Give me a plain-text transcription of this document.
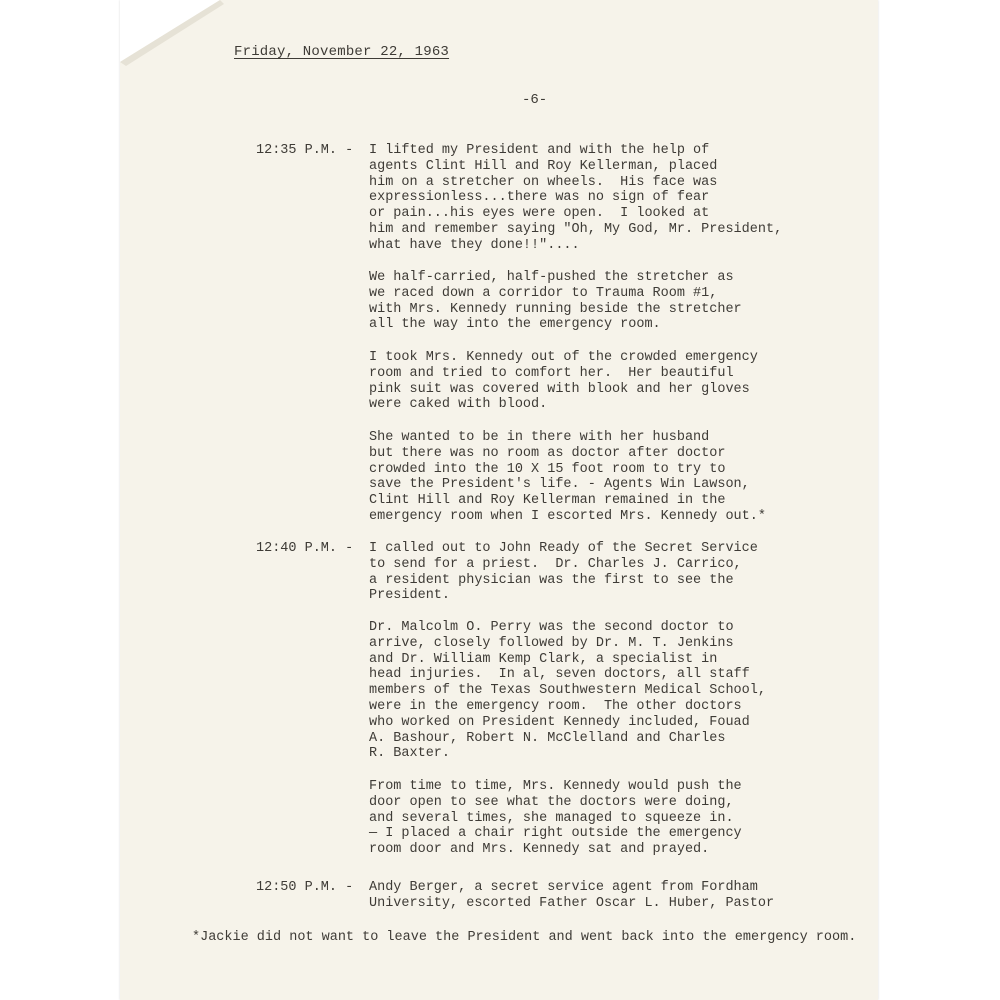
Friday, November 22, 1963
-6-
12:35 P.M. - I lifted my President and with the help of
agents Clint Hill and Roy Kellerman, placed
him on a stretcher on wheels.  His face was
expressionless...there was no sign of fear
or pain...his eyes were open.  I looked at
him and remember saying "Oh, My God, Mr. President,
what have they done!!"....
We half-carried, half-pushed the stretcher as
we raced down a corridor to Trauma Room #1,
with Mrs. Kennedy running beside the stretcher
all the way into the emergency room.
I took Mrs. Kennedy out of the crowded emergency
room and tried to comfort her.  Her beautiful
pink suit was covered with blook and her gloves
were caked with blood.
She wanted to be in there with her husband
but there was no room as doctor after doctor
crowded into the 10 X 15 foot room to try to
save the President's life. - Agents Win Lawson,
Clint Hill and Roy Kellerman remained in the
emergency room when I escorted Mrs. Kennedy out.*
12:40 P.M. - I called out to John Ready of the Secret Service
to send for a priest.  Dr. Charles J. Carrico,
a resident physician was the first to see the
President.
Dr. Malcolm O. Perry was the second doctor to
arrive, closely followed by Dr. M. T. Jenkins
and Dr. William Kemp Clark, a specialist in
head injuries.  In al, seven doctors, all staff
members of the Texas Southwestern Medical School,
were in the emergency room.  The other doctors
who worked on President Kennedy included, Fouad
A. Bashour, Robert N. McClelland and Charles
R. Baxter.
From time to time, Mrs. Kennedy would push the
door open to see what the doctors were doing,
and several times, she managed to squeeze in.
— I placed a chair right outside the emergency
room door and Mrs. Kennedy sat and prayed.
12:50 P.M. - Andy Berger, a secret service agent from Fordham
University, escorted Father Oscar L. Huber, Pastor
*Jackie did not want to leave the President and went back into the emergency room.
